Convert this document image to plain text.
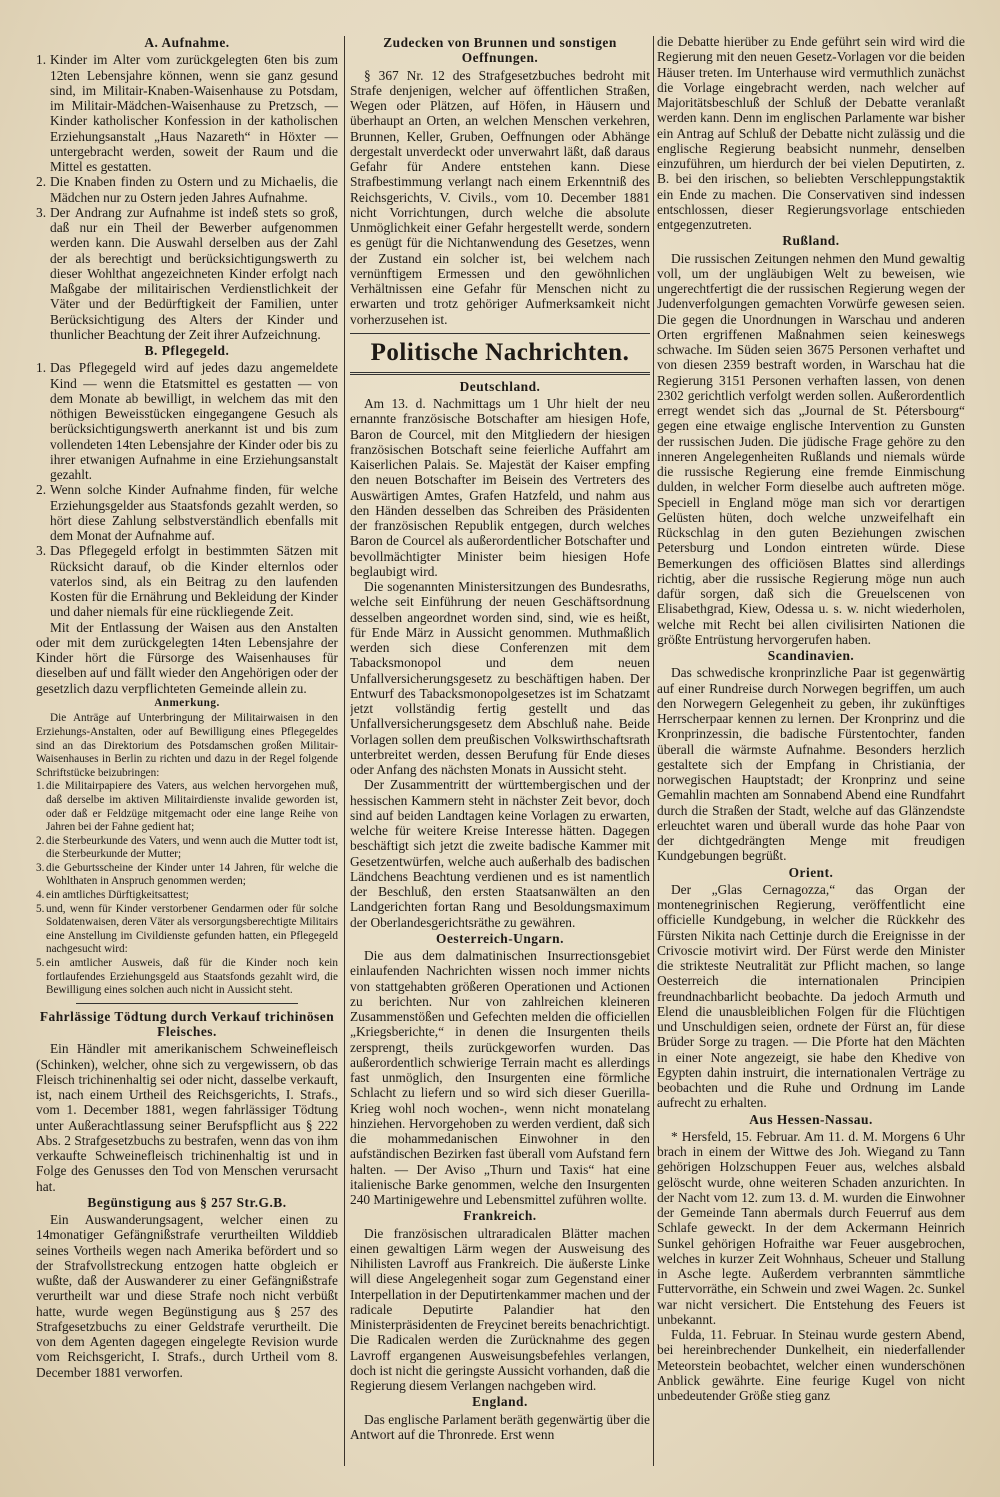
A. Aufnahme.

1. Kinder im Alter vom zurückgelegten 6ten bis zum 12ten Lebensjahre können, wenn sie ganz gesund sind, im Militair-Knaben-Waisenhause zu Potsdam, im Militair-Mädchen-Waisenhause zu Pretzsch, — Kinder katholischer Konfession in der katholischen Erziehungsanstalt „Haus Nazareth“ in Höxter — untergebracht werden, soweit der Raum und die Mittel es gestatten.

2. Die Knaben finden zu Ostern und zu Michaelis, die Mädchen nur zu Ostern jeden Jahres Aufnahme.

3. Der Andrang zur Aufnahme ist indeß stets so groß, daß nur ein Theil der Bewerber aufgenommen werden kann. Die Auswahl derselben aus der Zahl der als berechtigt und berücksichtigungswerth zu dieser Wohlthat angezeichneten Kinder erfolgt nach Maßgabe der militairischen Verdienstlichkeit der Väter und der Bedürftigkeit der Familien, unter Berücksichtigung des Alters der Kinder und thunlicher Beachtung der Zeit ihrer Aufzeichnung.

B. Pflegegeld.

1. Das Pflegegeld wird auf jedes dazu angemeldete Kind — wenn die Etatsmittel es gestatten — von dem Monate ab bewilligt, in welchem das mit den nöthigen Beweisstücken eingegangene Gesuch als berücksichtigungswerth anerkannt ist und bis zum vollendeten 14ten Lebensjahre der Kinder oder bis zu ihrer etwanigen Aufnahme in eine Erziehungsanstalt gezahlt.

2. Wenn solche Kinder Aufnahme finden, für welche Erziehungsgelder aus Staatsfonds gezahlt werden, so hört diese Zahlung selbstverständlich ebenfalls mit dem Monat der Aufnahme auf.

3. Das Pflegegeld erfolgt in bestimmten Sätzen mit Rücksicht darauf, ob die Kinder elternlos oder vaterlos sind, als ein Beitrag zu den laufenden Kosten für die Ernährung und Bekleidung der Kinder und daher niemals für eine rückliegende Zeit.

Mit der Entlassung der Waisen aus den Anstalten oder mit dem zurückgelegten 14ten Lebensjahre der Kinder hört die Fürsorge des Waisenhauses für dieselben auf und fällt wieder den Angehörigen oder der gesetzlich dazu verpflichteten Gemeinde allein zu.

Anmerkung.

Die Anträge auf Unterbringung der Militairwaisen in den Erziehungs-Anstalten, oder auf Bewilligung eines Pflegegeldes sind an das Direktorium des Potsdamschen großen Militair-Waisenhauses in Berlin zu richten und dazu in der Regel folgende Schriftstücke beizubringen:

1. die Militairpapiere des Vaters, aus welchen hervorgehen muß, daß derselbe im aktiven Militairdienste invalide geworden ist, oder daß er Feldzüge mitgemacht oder eine lange Reihe von Jahren bei der Fahne gedient hat;

2. die Sterbeurkunde des Vaters, und wenn auch die Mutter todt ist, die Sterbeurkunde der Mutter;

3. die Geburtsscheine der Kinder unter 14 Jahren, für welche die Wohlthaten in Anspruch genommen werden;

4. ein amtliches Dürftigkeitsattest;

5. und, wenn für Kinder verstorbener Gendarmen oder für solche Soldatenwaisen, deren Väter als versorgungsberechtigte Militairs eine Anstellung im Civildienste gefunden hatten, ein Pflegegeld nachgesucht wird:

5. ein amtlicher Ausweis, daß für die Kinder noch kein fortlaufendes Erziehungsgeld aus Staatsfonds gezahlt wird, die Bewilligung eines solchen auch nicht in Aussicht steht.

Fahrlässige Tödtung durch Verkauf trichinösen Fleisches.

Ein Händler mit amerikanischem Schweinefleisch (Schinken), welcher, ohne sich zu vergewissern, ob das Fleisch trichinenhaltig sei oder nicht, dasselbe verkauft, ist, nach einem Urtheil des Reichsgerichts, I. Strafs., vom 1. December 1881, wegen fahrlässiger Tödtung unter Außerachtlassung seiner Berufspflicht aus § 222 Abs. 2 Strafgesetzbuchs zu bestrafen, wenn das von ihm verkaufte Schweinefleisch trichinenhaltig ist und in Folge des Genusses den Tod von Menschen verursacht hat.

Begünstigung aus § 257 Str.G.B.

Ein Auswanderungsagent, welcher einen zu 14monatiger Gefängnißstrafe verurtheilten Wilddieb seines Vortheils wegen nach Amerika befördert und so der Strafvollstreckung entzogen hatte obgleich er wußte, daß der Auswanderer zu einer Gefängnißstrafe verurtheilt war und diese Strafe noch nicht verbüßt hatte, wurde wegen Begünstigung aus § 257 des Strafgesetzbuchs zu einer Geldstrafe verurtheilt. Die von dem Agenten dagegen eingelegte Revision wurde vom Reichsgericht, I. Strafs., durch Urtheil vom 8. December 1881 verworfen.

Zudecken von Brunnen und sonstigen Oeffnungen.

§ 367 Nr. 12 des Strafgesetzbuches bedroht mit Strafe denjenigen, welcher auf öffentlichen Straßen, Wegen oder Plätzen, auf Höfen, in Häusern und überhaupt an Orten, an welchen Menschen verkehren, Brunnen, Keller, Gruben, Oeffnungen oder Abhänge dergestalt unverdeckt oder unverwahrt läßt, daß daraus Gefahr für Andere entstehen kann. Diese Strafbestimmung verlangt nach einem Erkenntniß des Reichsgerichts, V. Civils., vom 10. December 1881 nicht Vorrichtungen, durch welche die absolute Unmöglichkeit einer Gefahr hergestellt werde, sondern es genügt für die Nichtanwendung des Gesetzes, wenn der Zustand ein solcher ist, bei welchem nach vernünftigem Ermessen und den gewöhnlichen Verhältnissen eine Gefahr für Menschen nicht zu erwarten und trotz gehöriger Aufmerksamkeit nicht vorherzusehen ist.

Politische Nachrichten.
Deutschland.

Am 13. d. Nachmittags um 1 Uhr hielt der neu ernannte französische Botschafter am hiesigen Hofe, Baron de Courcel, mit den Mitgliedern der hiesigen französischen Botschaft seine feierliche Auffahrt am Kaiserlichen Palais. Se. Majestät der Kaiser empfing den neuen Botschafter im Beisein des Vertreters des Auswärtigen Amtes, Grafen Hatzfeld, und nahm aus den Händen desselben das Schreiben des Präsidenten der französischen Republik entgegen, durch welches Baron de Courcel als außerordentlicher Botschafter und bevollmächtigter Minister beim hiesigen Hofe beglaubigt wird.

Die sogenannten Ministersitzungen des Bundesraths, welche seit Einführung der neuen Geschäftsordnung desselben angeordnet worden sind, sind, wie es heißt, für Ende März in Aussicht genommen. Muthmaßlich werden sich diese Conferenzen mit dem Tabacksmonopol und dem neuen Unfallversicherungsgesetz zu beschäftigen haben. Der Entwurf des Tabacksmonopolgesetzes ist im Schatzamt jetzt vollständig fertig gestellt und das Unfallversicherungsgesetz dem Abschluß nahe. Beide Vorlagen sollen dem preußischen Volkswirthschaftsrath unterbreitet werden, dessen Berufung für Ende dieses oder Anfang des nächsten Monats in Aussicht steht.

Der Zusammentritt der württembergischen und der hessischen Kammern steht in nächster Zeit bevor, doch sind auf beiden Landtagen keine Vorlagen zu erwarten, welche für weitere Kreise Interesse hätten. Dagegen beschäftigt sich jetzt die zweite badische Kammer mit Gesetzentwürfen, welche auch außerhalb des badischen Ländchens Beachtung verdienen und es ist namentlich der Beschluß, den ersten Staatsanwälten an den Landgerichten fortan Rang und Besoldungsmaximum der Oberlandesgerichtsräthe zu gewähren.

Oesterreich-Ungarn.

Die aus dem dalmatinischen Insurrectionsgebiet einlaufenden Nachrichten wissen noch immer nichts von stattgehabten größeren Operationen und Actionen zu berichten. Nur von zahlreichen kleineren Zusammenstößen und Gefechten melden die officiellen „Kriegsberichte,“ in denen die Insurgenten theils zersprengt, theils zurückgeworfen wurden. Das außerordentlich schwierige Terrain macht es allerdings fast unmöglich, den Insurgenten eine förmliche Schlacht zu liefern und so wird sich dieser Guerilla-Krieg wohl noch wochen-, wenn nicht monatelang hinziehen. Hervorgehoben zu werden verdient, daß sich die mohammedanischen Einwohner in den aufständischen Bezirken fast überall vom Aufstand fern halten. — Der Aviso „Thurn und Taxis“ hat eine italienische Barke genommen, welche den Insurgenten 240 Martinigewehre und Lebensmittel zuführen wollte.

Frankreich.

Die französischen ultraradicalen Blätter machen einen gewaltigen Lärm wegen der Ausweisung des Nihilisten Lavroff aus Frankreich. Die äußerste Linke will diese Angelegenheit sogar zum Gegenstand einer Interpellation in der Deputirtenkammer machen und der radicale Deputirte Palandier hat den Ministerpräsidenten de Freycinet bereits benachrichtigt. Die Radicalen werden die Zurücknahme des gegen Lavroff ergangenen Ausweisungsbefehles verlangen, doch ist nicht die geringste Aussicht vorhanden, daß die Regierung diesem Verlangen nachgeben wird.

England.

Das englische Parlament beräth gegenwärtig über die Antwort auf die Thronrede. Erst wenn

die Debatte hierüber zu Ende geführt sein wird wird die Regierung mit den neuen Gesetz-Vorlagen vor die beiden Häuser treten. Im Unterhause wird vermuthlich zunächst die Vorlage eingebracht werden, nach welcher auf Majoritätsbeschluß der Schluß der Debatte veranlaßt werden kann. Denn im englischen Parlamente war bisher ein Antrag auf Schluß der Debatte nicht zulässig und die englische Regierung beabsicht nunmehr, denselben einzuführen, um hierdurch der bei vielen Deputirten, z. B. bei den irischen, so beliebten Verschleppungstaktik ein Ende zu machen. Die Conservativen sind indessen entschlossen, dieser Regierungsvorlage entschieden entgegenzutreten.

Rußland.

Die russischen Zeitungen nehmen den Mund gewaltig voll, um der ungläubigen Welt zu beweisen, wie ungerechtfertigt die der russischen Regierung wegen der Judenverfolgungen gemachten Vorwürfe gewesen seien. Die gegen die Unordnungen in Warschau und anderen Orten ergriffenen Maßnahmen seien keineswegs schwache. Im Süden seien 3675 Personen verhaftet und von diesen 2359 bestraft worden, in Warschau hat die Regierung 3151 Personen verhaften lassen, von denen 2302 gerichtlich verfolgt werden sollen. Außerordentlich erregt wendet sich das „Journal de St. Pétersbourg“ gegen eine etwaige englische Intervention zu Gunsten der russischen Juden. Die jüdische Frage gehöre zu den inneren Angelegenheiten Rußlands und niemals würde die russische Regierung eine fremde Einmischung dulden, in welcher Form dieselbe auch auftreten möge. Speciell in England möge man sich vor derartigen Gelüsten hüten, doch welche unzweifelhaft ein Rückschlag in den guten Beziehungen zwischen Petersburg und London eintreten würde. Diese Bemerkungen des officiösen Blattes sind allerdings richtig, aber die russische Regierung möge nun auch dafür sorgen, daß sich die Greuelscenen von Elisabethgrad, Kiew, Odessa u. s. w. nicht wiederholen, welche mit Recht bei allen civilisirten Nationen die größte Entrüstung hervorgerufen haben.

Scandinavien.

Das schwedische kronprinzliche Paar ist gegenwärtig auf einer Rundreise durch Norwegen begriffen, um auch den Norwegern Gelegenheit zu geben, ihr zukünftiges Herrscherpaar kennen zu lernen. Der Kronprinz und die Kronprinzessin, die badische Fürstentochter, fanden überall die wärmste Aufnahme. Besonders herzlich gestaltete sich der Empfang in Christiania, der norwegischen Hauptstadt; der Kronprinz und seine Gemahlin machten am Sonnabend Abend eine Rundfahrt durch die Straßen der Stadt, welche auf das Glänzendste erleuchtet waren und überall wurde das hohe Paar von der dichtgedrängten Menge mit freudigen Kundgebungen begrüßt.

Orient.

Der „Glas Cernagozza,“ das Organ der montenegrinischen Regierung, veröffentlicht eine officielle Kundgebung, in welcher die Rückkehr des Fürsten Nikita nach Cettinje durch die Ereignisse in der Crivoscie motivirt wird. Der Fürst werde den Minister die strikteste Neutralität zur Pflicht machen, so lange Oesterreich die internationalen Principien freundnachbarlicht beobachte. Da jedoch Armuth und Elend die unausbleiblichen Folgen für die Flüchtigen und Unschuldigen seien, ordnete der Fürst an, für diese Brüder Sorge zu tragen. — Die Pforte hat den Mächten in einer Note angezeigt, sie habe den Khedive von Egypten dahin instruirt, die internationalen Verträge zu beobachten und die Ruhe und Ordnung im Lande aufrecht zu erhalten.

Aus Hessen-Nassau.

* Hersfeld, 15. Februar. Am 11. d. M. Morgens 6 Uhr brach in einem der Wittwe des Joh. Wiegand zu Tann gehörigen Holzschuppen Feuer aus, welches alsbald gelöscht wurde, ohne weiteren Schaden anzurichten. In der Nacht vom 12. zum 13. d. M. wurden die Einwohner der Gemeinde Tann abermals durch Feuerruf aus dem Schlafe geweckt. In der dem Ackermann Heinrich Sunkel gehörigen Hofraithe war Feuer ausgebrochen, welches in kurzer Zeit Wohnhaus, Scheuer und Stallung in Asche legte. Außerdem verbrannten sämmtliche Futtervorräthe, ein Schwein und zwei Wagen. 2c. Sunkel war nicht versichert. Die Entstehung des Feuers ist unbekannt.

Fulda, 11. Februar. In Steinau wurde gestern Abend, bei hereinbrechender Dunkelheit, ein niederfallender Meteorstein beobachtet, welcher einen wunderschönen Anblick gewährte. Eine feurige Kugel von nicht unbedeutender Größe stieg ganz
